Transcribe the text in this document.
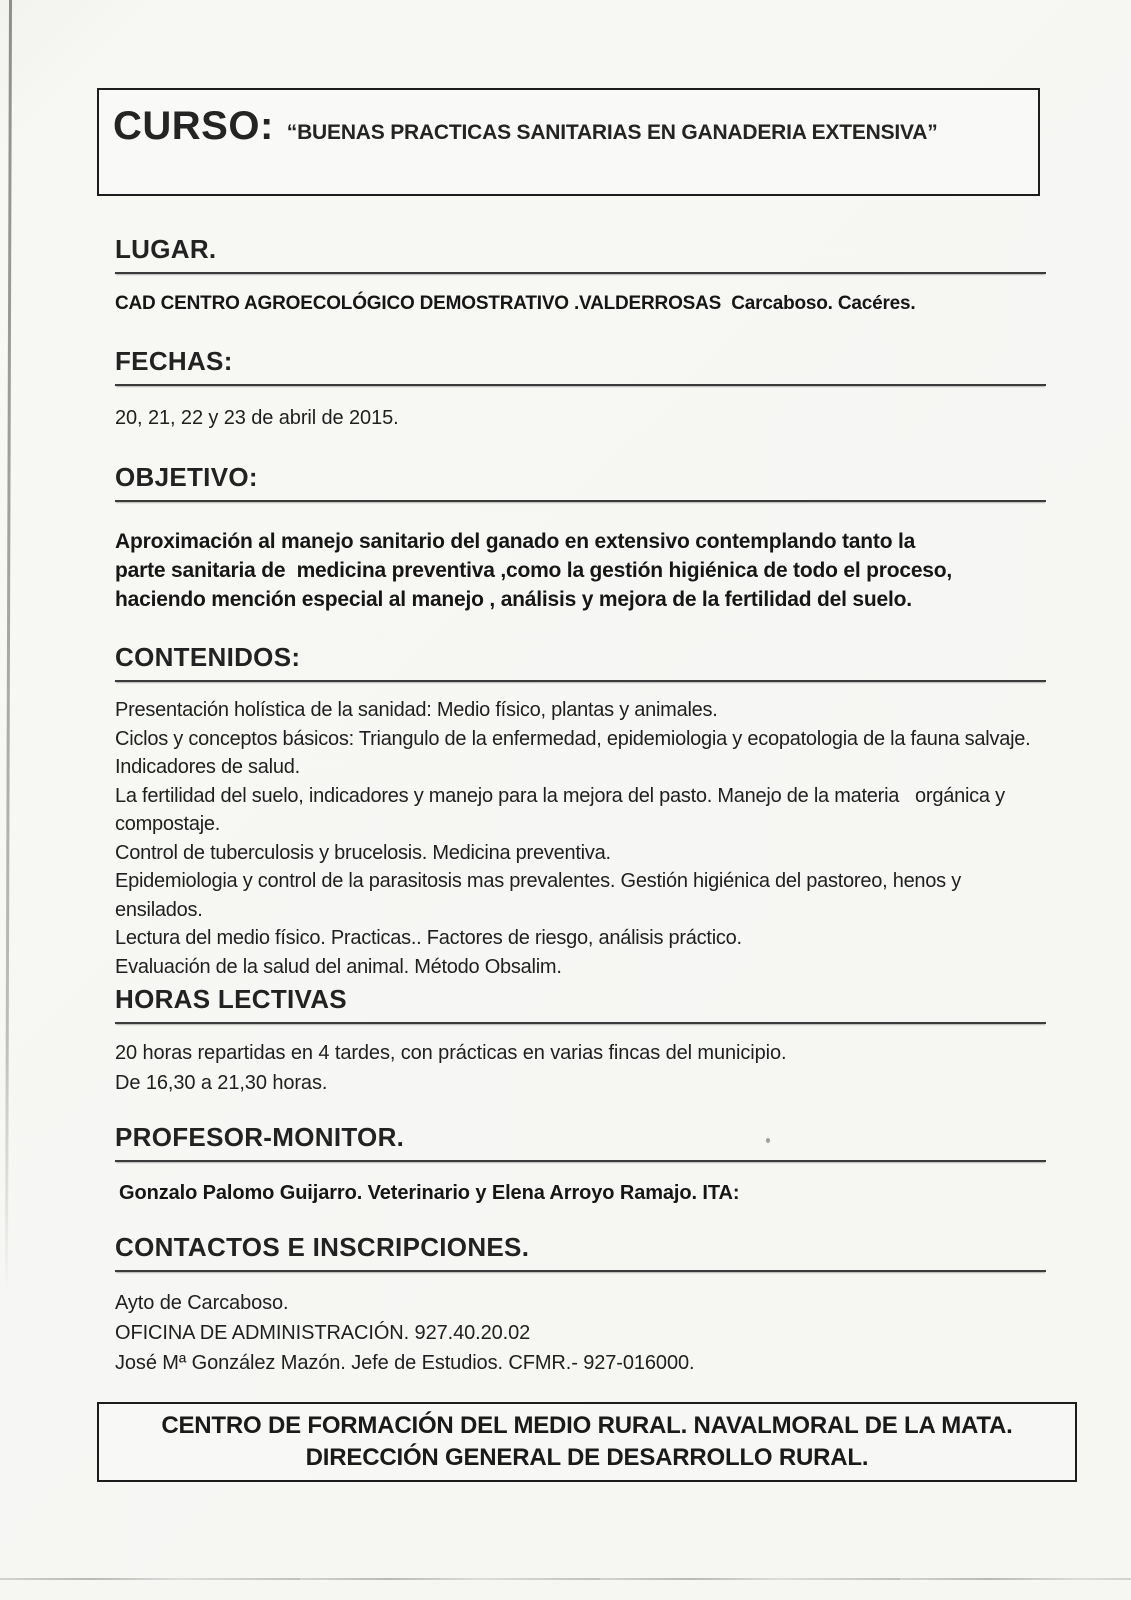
CURSO: “BUENAS PRACTICAS SANITARIAS EN GANADERIA EXTENSIVA”
LUGAR.
CAD CENTRO AGROECOLÓGICO DEMOSTRATIVO .VALDERROSAS  Carcaboso. Cacéres.
FECHAS:
20, 21, 22 y 23 de abril de 2015.
OBJETIVO:
Aproximación al manejo sanitario del ganado en extensivo contemplando tanto la
parte sanitaria de  medicina preventiva ,como la gestión higiénica de todo el proceso,
haciendo mención especial al manejo , análisis y mejora de la fertilidad del suelo.
CONTENIDOS:
Presentación holística de la sanidad: Medio físico, plantas y animales.
Ciclos y conceptos básicos: Triangulo de la enfermedad, epidemiologia y ecopatologia de la fauna salvaje.
Indicadores de salud.
La fertilidad del suelo, indicadores y manejo para la mejora del pasto. Manejo de la materia   orgánica y
compostaje.
Control de tuberculosis y brucelosis. Medicina preventiva.
Epidemiologia y control de la parasitosis mas prevalentes. Gestión higiénica del pastoreo, henos y
ensilados.
Lectura del medio físico. Practicas.. Factores de riesgo, análisis práctico.
Evaluación de la salud del animal. Método Obsalim.
HORAS LECTIVAS
20 horas repartidas en 4 tardes, con prácticas en varias fincas del municipio.
De 16,30 a 21,30 horas.
PROFESOR-MONITOR.
Gonzalo Palomo Guijarro. Veterinario y Elena Arroyo Ramajo. ITA:
CONTACTOS E INSCRIPCIONES.
Ayto de Carcaboso.
OFICINA DE ADMINISTRACIÓN. 927.40.20.02
José Mª González Mazón. Jefe de Estudios. CFMR.- 927-016000.
CENTRO DE FORMACIÓN DEL MEDIO RURAL. NAVALMORAL DE LA MATA.
DIRECCIÓN GENERAL DE DESARROLLO RURAL.
